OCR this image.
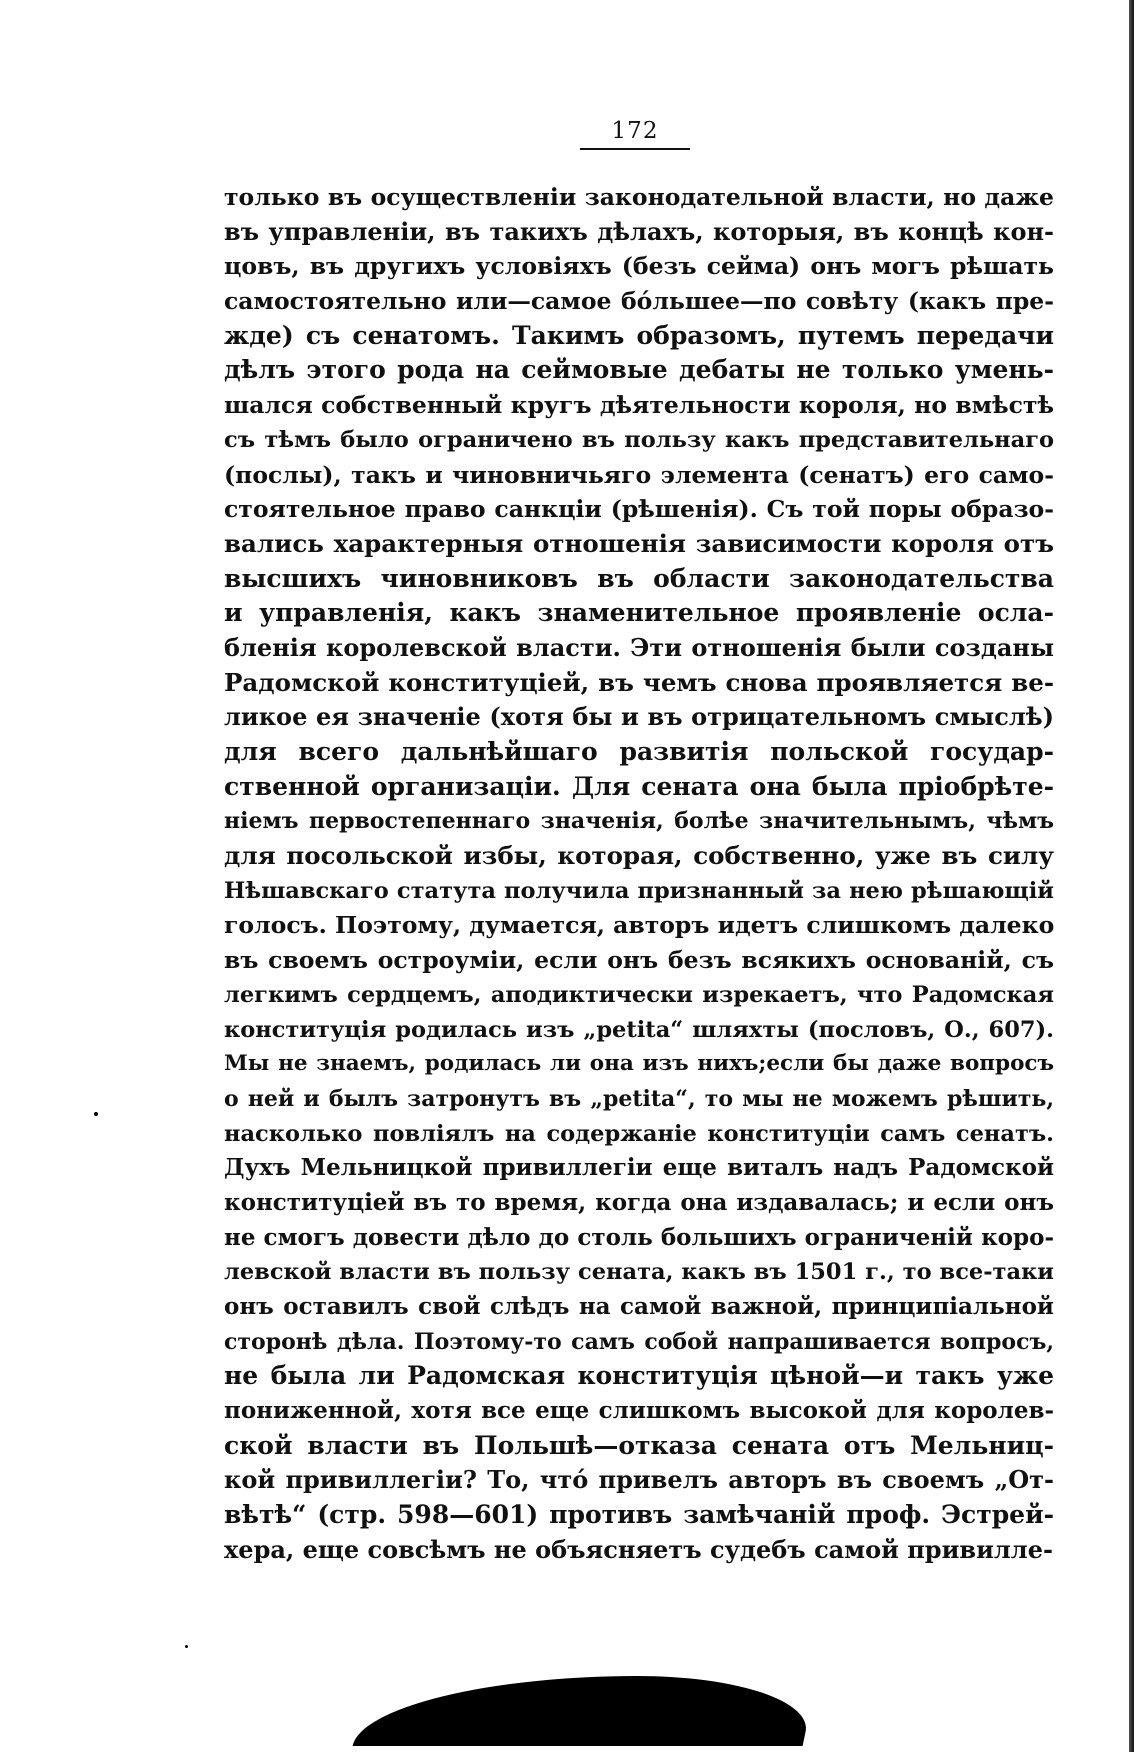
172
только въ осуществленіи законодательной власти, но даже
въ управленіи, въ такихъ дѣлахъ, которыя, въ концѣ кон-
цовъ, въ другихъ условіяхъ (безъ сейма) онъ могъ рѣшать
самостоятельно или—самое бо́льшее—по совѣту (какъ пре-
жде) съ сенатомъ. Такимъ образомъ, путемъ передачи
дѣлъ этого рода на сеймовые дебаты не только умень-
шался собственный кругъ дѣятельности короля, но вмѣстѣ
съ тѣмъ было ограничено въ пользу какъ представительнаго
(послы), такъ и чиновничьяго элемента (сенатъ) его само-
стоятельное право санкціи (рѣшенія). Съ той поры образо-
вались характерныя отношенія зависимости короля отъ
высшихъ чиновниковъ въ области законодательства
и управленія, какъ знаменительное проявленіе осла-
бленія королевской власти. Эти отношенія были созданы
Радомской конституціей, въ чемъ снова проявляется ве-
ликое ея значеніе (хотя бы и въ отрицательномъ смыслѣ)
для всего дальнѣйшаго развитія польской государ-
ственной организаціи. Для сената она была пріобрѣте-
ніемъ первостепеннаго значенія, болѣе значительнымъ, чѣмъ
для посольской избы, которая, собственно, уже въ силу
Нѣшавскаго статута получила признанный за нею рѣшающій
голосъ. Поэтому, думается, авторъ идетъ слишкомъ далеко
въ своемъ остроуміи, если онъ безъ всякихъ основаній, съ
легкимъ сердцемъ, аподиктически изрекаетъ, что Радомская
конституція родилась изъ „petita“ шляхты (пословъ, О., 607).
Мы не знаемъ, родилась ли она изъ нихъ;если бы даже вопросъ
о ней и былъ затронутъ въ „petita“, то мы не можемъ рѣшить,
насколько повліялъ на содержаніе конституціи самъ сенатъ.
Духъ Мельницкой привиллегіи еще виталъ надъ Радомской
конституціей въ то время, когда она издавалась; и если онъ
не смогъ довести дѣло до столь большихъ ограниченій коро-
левской власти въ пользу сената, какъ въ 1501 г., то все-таки
онъ оставилъ свой слѣдъ на самой важной, принципіальной
сторонѣ дѣла. Поэтому-то самъ собой напрашивается вопросъ,
не была ли Радомская конституція цѣной—и такъ уже
пониженной, хотя все еще слишкомъ высокой для королев-
ской власти въ Польшѣ—отказа сената отъ Мельниц-
кой привиллегіи? То, что́ привелъ авторъ въ своемъ „От-
вѣтѣ“ (стр. 598—601) противъ замѣчаній проф. Эстрей-
хера, еще совсѣмъ не объясняетъ судебъ самой привилле-
